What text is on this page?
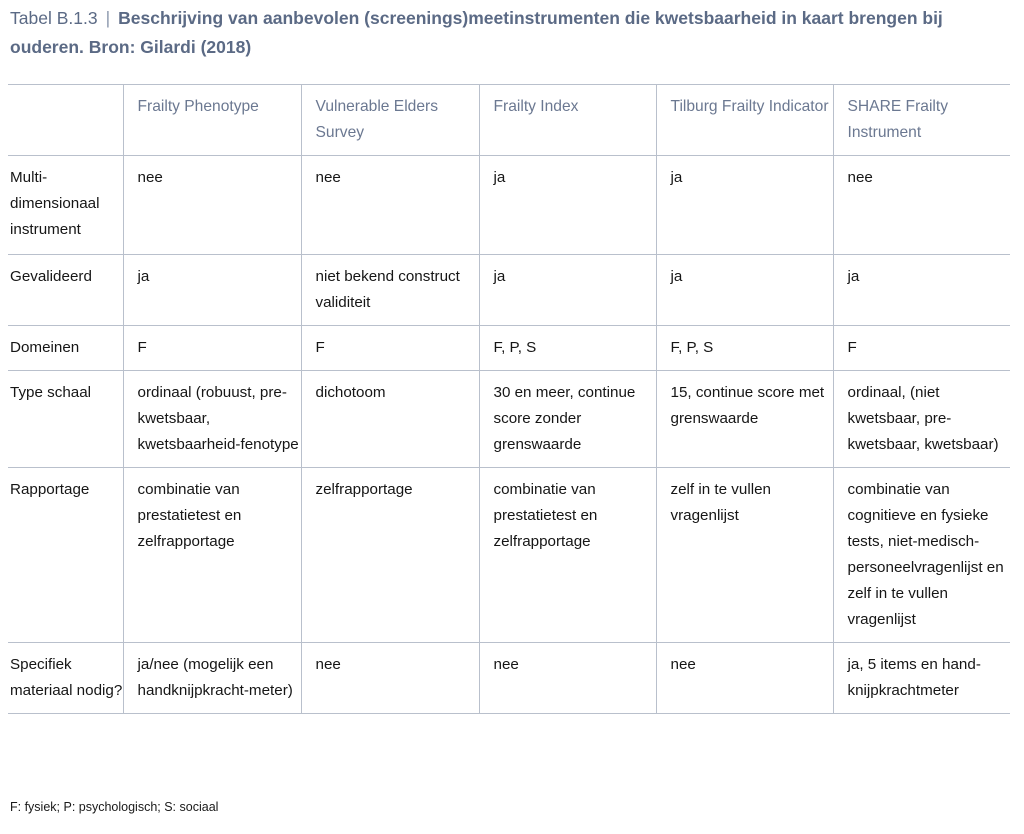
Tabel B.1.3 | Beschrijving van aanbevolen (screenings)meetinstrumenten die kwetsbaarheid in kaart brengen bij ouderen. Bron: Gilardi (2018)
	Frailty Phenotype	Vulnerable Elders Survey	Frailty Index	Tilburg Frailty Indicator	SHARE Frailty Instrument
Multi-dimensionaal instrument	nee	nee	ja	ja	nee
Gevalideerd	ja	niet bekend construct validiteit	ja	ja	ja
Domeinen	F	F	F, P, S	F, P, S	F
Type schaal	ordinaal (robuust, pre-kwetsbaar, kwetsbaarheid-fenotype	dichotoom	30 en meer, continue score zonder grenswaarde	15, continue score met grenswaarde	ordinaal, (niet kwetsbaar, pre-kwetsbaar, kwetsbaar)
Rapportage	combinatie van prestatietest en zelfrapportage	zelfrapportage	combinatie van prestatietest en zelfrapportage	zelf in te vullen vragenlijst	combinatie van cognitieve en fysieke tests, niet-medisch-personeelvragenlijst en zelf in te vullen vragenlijst
Specifiek materiaal nodig?	ja/nee (mogelijk een handknijpkracht-meter)	nee	nee	nee	ja, 5 items en hand-knijpkrachtmeter
F: fysiek; P: psychologisch; S: sociaal
